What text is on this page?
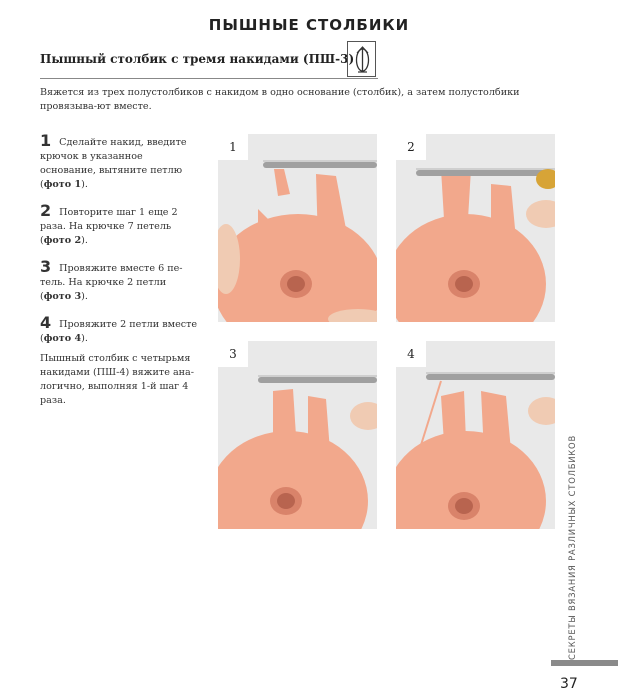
ПЫШНЫЕ СТОЛБИКИ
Пышный столбик с тремя накидами (ПШ-3)
Вяжется из трех полустолбиков с накидом в одно основание (столбик), а затем полустолбики провязыва-ют вместе.
1 Сделайте накид, введите крючок в указанное основание, вытяните петлю (фото 1).
2 Повторите шаг 1 еще 2 раза. На крючке 7 петель (фото 2).
3 Провяжите вместе 6 пе-тель. На крючке 2 петли (фото 3).
4 Провяжите 2 петли вместе (фото 4).
Пышный столбик с четырьмя накидами (ПШ-4) вяжите ана-логично, выполняя 1-й шаг 4 раза.
1	2
3	4
СЕКРЕТЫ ВЯЗАНИЯ РАЗЛИЧНЫХ СТОЛБИКОВ
37
